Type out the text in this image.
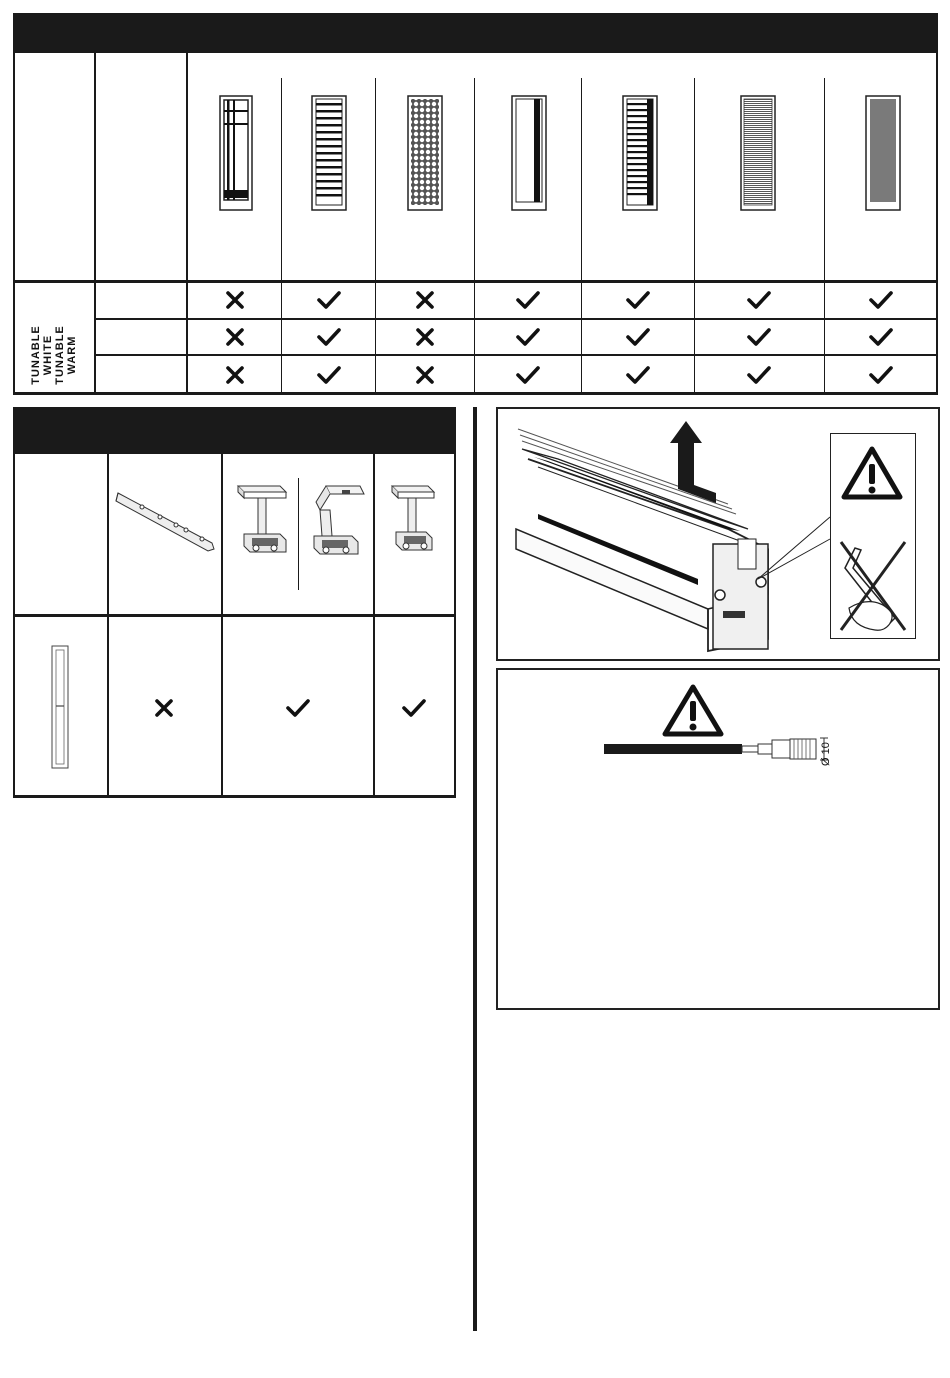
TUNABLE WHITE TUNABLE WARM
Ø 10
